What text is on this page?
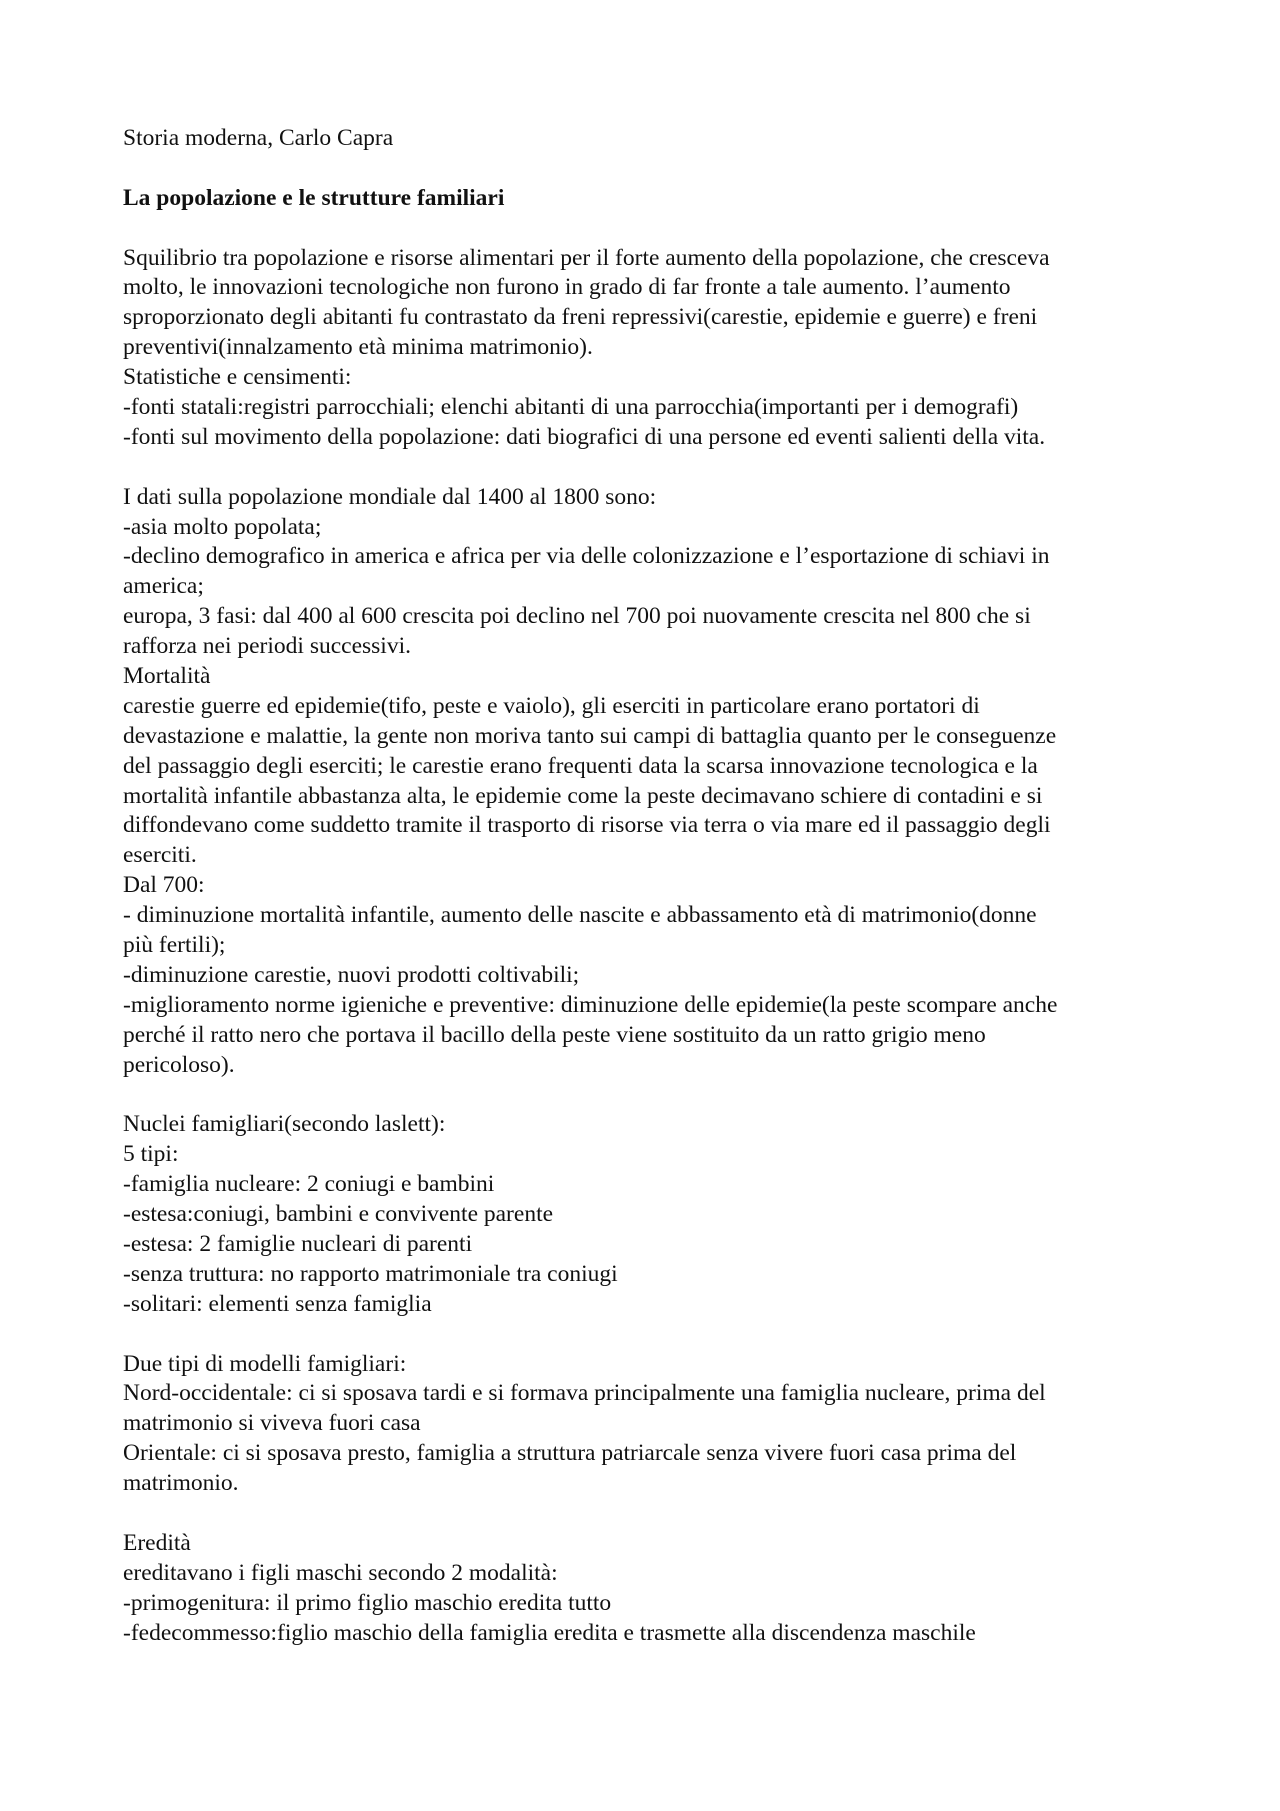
Storia moderna, Carlo Capra
La popolazione e le strutture familiari
Squilibrio tra popolazione e risorse alimentari per il forte aumento della popolazione, che cresceva
molto, le innovazioni tecnologiche non furono in grado di far fronte a tale aumento. l’aumento
sproporzionato degli abitanti fu contrastato da freni repressivi(carestie, epidemie e guerre) e freni
preventivi(innalzamento età minima matrimonio).
Statistiche e censimenti:
-fonti statali:registri parrocchiali; elenchi abitanti di una parrocchia(importanti per i demografi)
-fonti sul movimento della popolazione: dati biografici di una persone ed eventi salienti della vita.
I dati sulla popolazione mondiale dal 1400 al 1800 sono:
-asia molto popolata;
-declino demografico in america e africa per via delle colonizzazione e l’esportazione di schiavi in
america;
europa, 3 fasi: dal 400 al 600 crescita poi declino nel 700 poi nuovamente crescita nel 800 che si
rafforza nei periodi successivi.
Mortalità
carestie guerre ed epidemie(tifo, peste e vaiolo), gli eserciti in particolare erano portatori di
devastazione e malattie, la gente non moriva tanto sui campi di battaglia quanto per le conseguenze
del passaggio degli eserciti; le carestie erano frequenti data la scarsa innovazione tecnologica e la
mortalità infantile abbastanza alta, le epidemie come la peste decimavano schiere di contadini e si
diffondevano come suddetto tramite il trasporto di risorse via terra o via mare ed il passaggio degli
eserciti.
Dal 700:
- diminuzione mortalità infantile, aumento delle nascite e abbassamento età di matrimonio(donne
più fertili);
-diminuzione carestie, nuovi prodotti coltivabili;
-miglioramento norme igieniche e preventive: diminuzione delle epidemie(la peste scompare anche
perché il ratto nero che portava il bacillo della peste viene sostituito da un ratto grigio meno
pericoloso).
Nuclei famigliari(secondo laslett):
5 tipi:
-famiglia nucleare: 2 coniugi e bambini
-estesa:coniugi, bambini e convivente parente
-estesa: 2 famiglie nucleari di parenti
-senza truttura: no rapporto matrimoniale tra coniugi
-solitari: elementi senza famiglia
Due tipi di modelli famigliari:
Nord-occidentale: ci si sposava tardi e si formava principalmente una famiglia nucleare, prima del
matrimonio si viveva fuori casa
Orientale: ci si sposava presto, famiglia a struttura patriarcale senza vivere fuori casa prima del
matrimonio.
Eredità
ereditavano i figli maschi secondo 2 modalità:
-primogenitura: il primo figlio maschio eredita tutto
-fedecommesso:figlio maschio della famiglia eredita e trasmette alla discendenza maschile
